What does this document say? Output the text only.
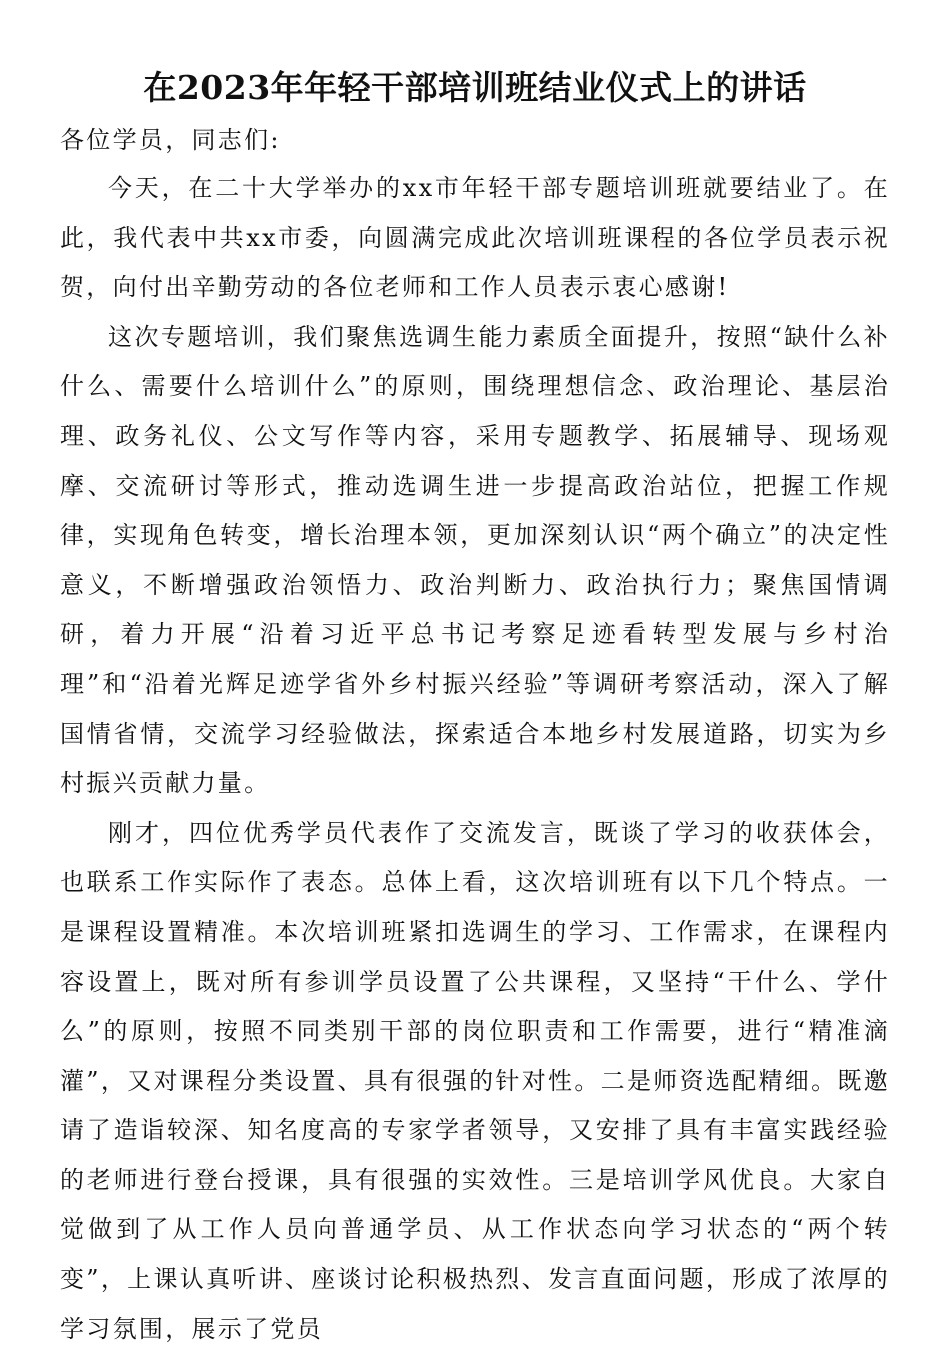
在2023年年轻干部培训班结业仪式上的讲话

各位学员，同志们:

今天，在二十大学举办的xx市年轻干部专题培训班就要结业了。在此，我代表中共xx市委，向圆满完成此次培训班课程的各位学员表示祝贺，向付出辛勤劳动的各位老师和工作人员表示衷心感谢!

这次专题培训，我们聚焦选调生能力素质全面提升，按照“缺什么补什么、需要什么培训什么”的原则，围绕理想信念、政治理论、基层治理、政务礼仪、公文写作等内容，采用专题教学、拓展辅导、现场观摩、交流研讨等形式，推动选调生进一步提高政治站位，把握工作规律，实现角色转变，增长治理本领，更加深刻认识“两个确立”的决定性意义，不断增强政治领悟力、政治判断力、政治执行力；聚焦国情调研，着力开展“沿着习近平总书记考察足迹看转型发展与乡村治理”和“沿着光辉足迹学省外乡村振兴经验”等调研考察活动，深入了解国情省情，交流学习经验做法，探索适合本地乡村发展道路，切实为乡村振兴贡献力量。

刚才，四位优秀学员代表作了交流发言，既谈了学习的收获体会，也联系工作实际作了表态。总体上看，这次培训班有以下几个特点。一是课程设置精准。本次培训班紧扣选调生的学习、工作需求，在课程内容设置上，既对所有参训学员设置了公共课程，又坚持“干什么、学什么”的原则，按照不同类别干部的岗位职责和工作需要，进行“精准滴灌”，又对课程分类设置、具有很强的针对性。二是师资选配精细。既邀请了造诣较深、知名度高的专家学者领导，又安排了具有丰富实践经验的老师进行登台授课，具有很强的实效性。三是培训学风优良。大家自觉做到了从工作人员向普通学员、从工作状态向学习状态的“两个转变”，上课认真听讲、座谈讨论积极热烈、发言直面问题，形成了浓厚的学习氛围，展示了党员
